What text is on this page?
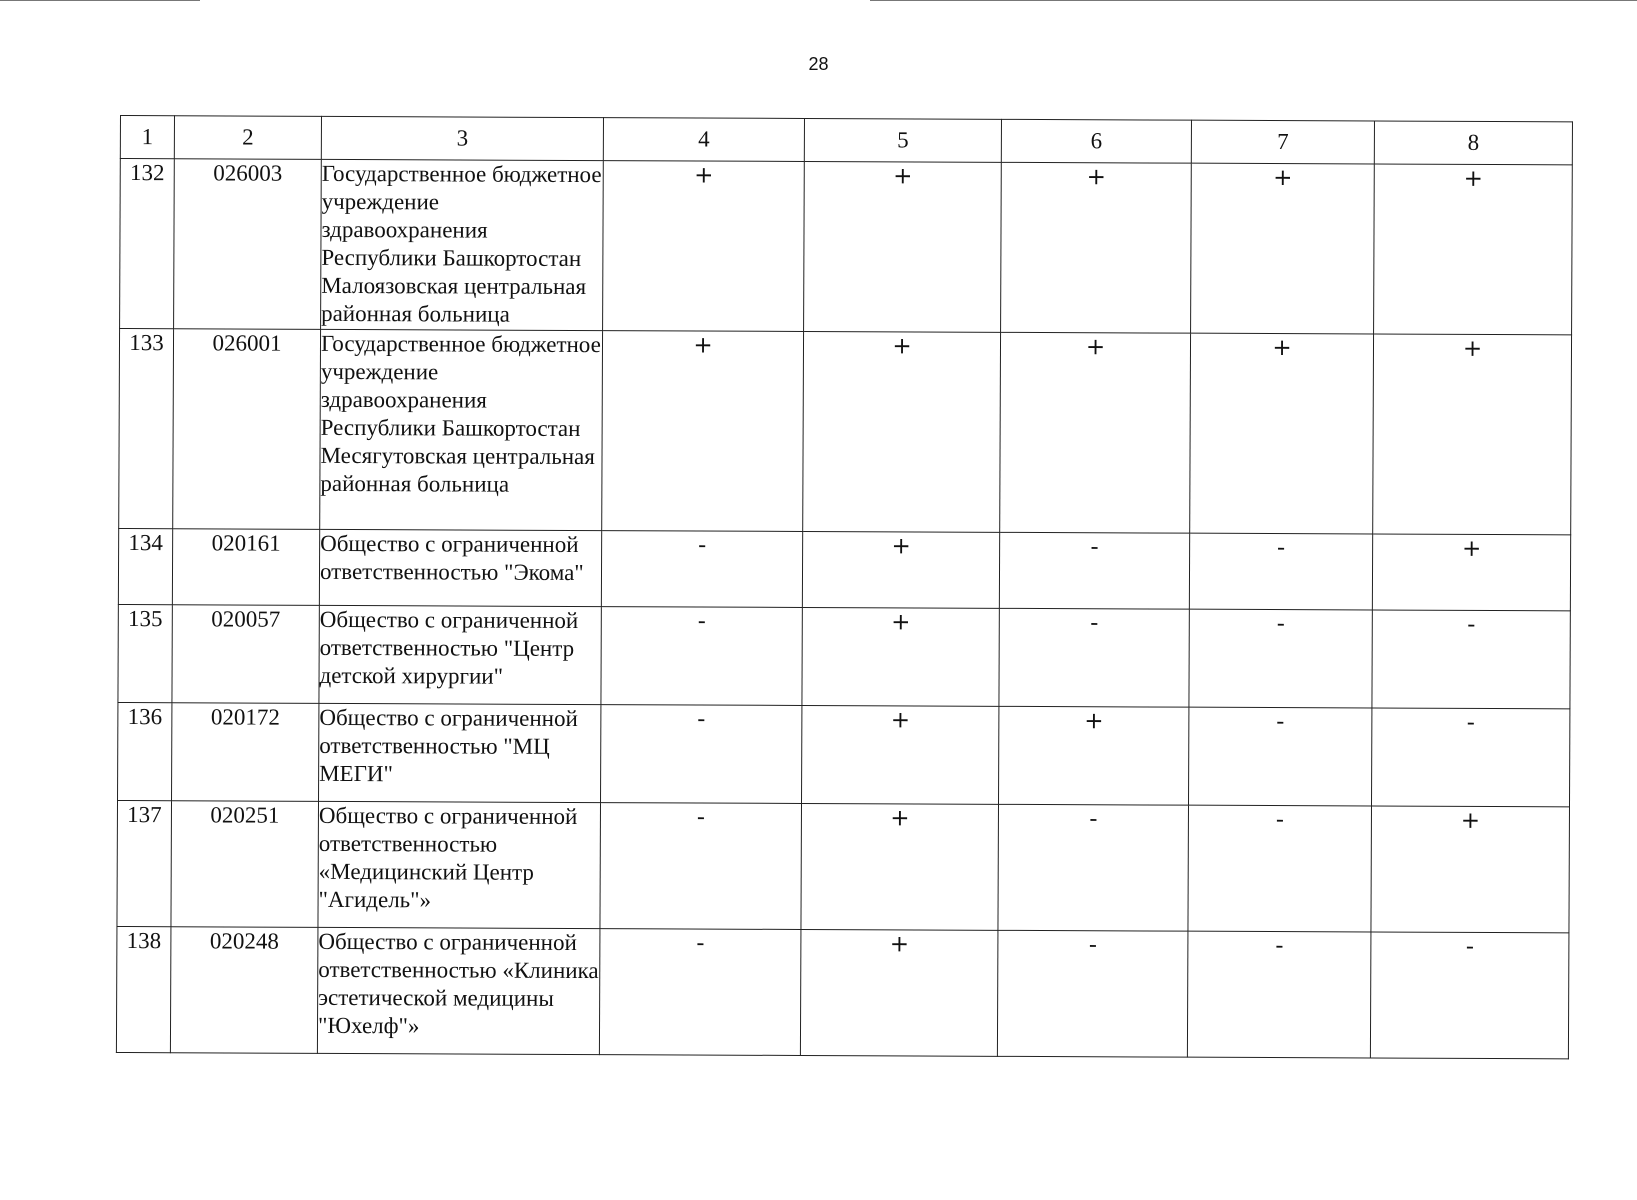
28
1	2	3	4	5	6	7	8
132	026003	Государственное бюджетное учреждение здравоохранения Республики Башкортостан Малоязовская центральная районная больница	+	+	+	+	+
133	026001	Государственное бюджетное учреждение здравоохранения Республики Башкортостан Месягутовская центральная районная больница	+	+	+	+	+
134	020161	Общество с ограниченной ответственностью "Экома"	-	+	-	-	+
135	020057	Общество с ограниченной ответственностью "Центр детской хирургии"	-	+	-	-	-
136	020172	Общество с ограниченной ответственностью "МЦ МЕГИ"	-	+	+	-	-
137	020251	Общество с ограниченной ответственностью «Медицинский Центр "Агидель"»	-	+	-	-	+
138	020248	Общество с ограниченной ответственностью «Клиника эстетической медицины "Юхелф"»	-	+	-	-	-
